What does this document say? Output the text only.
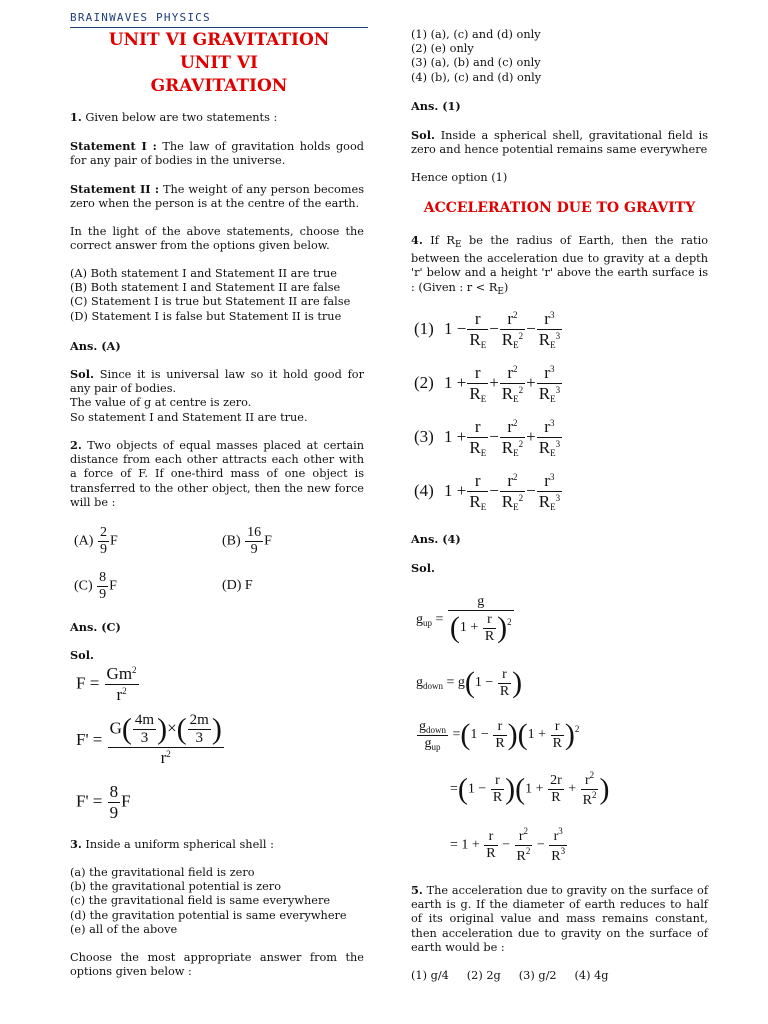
BRAINWAVES PHYSICS
UNIT VI GRAVITATION
UNIT VI
GRAVITATION
1. Given below are two statements :
Statement I : The law of gravitation holds good for any pair of bodies in the universe.
Statement II : The weight of any person becomes zero when the person is at the centre of the earth.
In the light of the above statements, choose the correct answer from the options given below.
(A) Both statement I and Statement II are true
(B) Both statement I and Statement II are false
(C) Statement I is true but Statement II are false
(D) Statement I is false but Statement II is true
Ans. (A)
Sol. Since it is universal law so it hold good for any pair of bodies.
The value of g at centre is zero.
So statement I and Statement II are true.
2. Two objects of equal masses placed at certain distance from each other attracts each other with a force of F. If one-third mass of one object is transferred to the other object, then the new force will be :
$(A) \frac{2}{9}$ F	$(B) \frac{16}{9}$ F
$(C) \frac{8}{9}$ F	(D) F
Ans. (C)
Sol.
$F = \frac{Gm^2}{r^2}$
$F' = \frac{G( \frac{4m}{3} )\times( \frac{2m}{3} )}{r^2}$
$F' = \frac{8}{9}$ F
3. Inside a uniform spherical shell :
(a) the gravitational field is zero
(b) the gravitational potential is zero
(c) the gravitational field is same everywhere
(d) the gravitation potential is same everywhere
(e) all of the above
Choose the most appropriate answer from the options given below :
(1) (a), (c) and (d) only
(2) (e) only
(3) (a), (b) and (c) only
(4) (b), (c) and (d) only
Ans. (1)
Sol. Inside a spherical shell, gravitational field is zero and hence potential remains same everywhere
Hence option (1)
ACCELERATION DUE TO GRAVITY
4. If $R_E$ be the radius of Earth, then the ratio between the acceleration due to gravity at a depth 'r' below and a height 'r' above the earth surface is : (Given : $r < R_E$)
(1) $1 - \frac{r}{R_E} - \frac{r^2}{R_E^2} - \frac{r^3}{R_E^3}$
(2) $1 + \frac{r}{R_E} + \frac{r^2}{R_E^2} + \frac{r^3}{R_E^3}$
(3) $1 + \frac{r}{R_E} - \frac{r^2}{R_E^2} + \frac{r^3}{R_E^3}$
(4) $1 + \frac{r}{R_E} - \frac{r^2}{R_E^2} - \frac{r^3}{R_E^3}$
Ans. (4)
Sol.
$g_{up} = \frac{g}{(1 + \frac{r}{R} )^2}$
$g_{down} = g(1 - \frac{r}{R}$ )
$\frac{g_{down}}{g_{up}} =(1 - \frac{r}{R} )(1 + \frac{r}{R} )^2$
$=(1 - \frac{r}{R} )(1 + \frac{2r}{R} + \frac{r^2}{R^2}$ )
= $1 + \frac{r}{R} - \frac{r^2}{R^2} - \frac{r^3}{R^3}$
5. The acceleration due to gravity on the surface of earth is g. If the diameter of earth reduces to half of its original value and mass remains constant, then acceleration due to gravity on the surface of earth would be :
(1) g/4     (2) 2g     (3) g/2     (4) 4g
